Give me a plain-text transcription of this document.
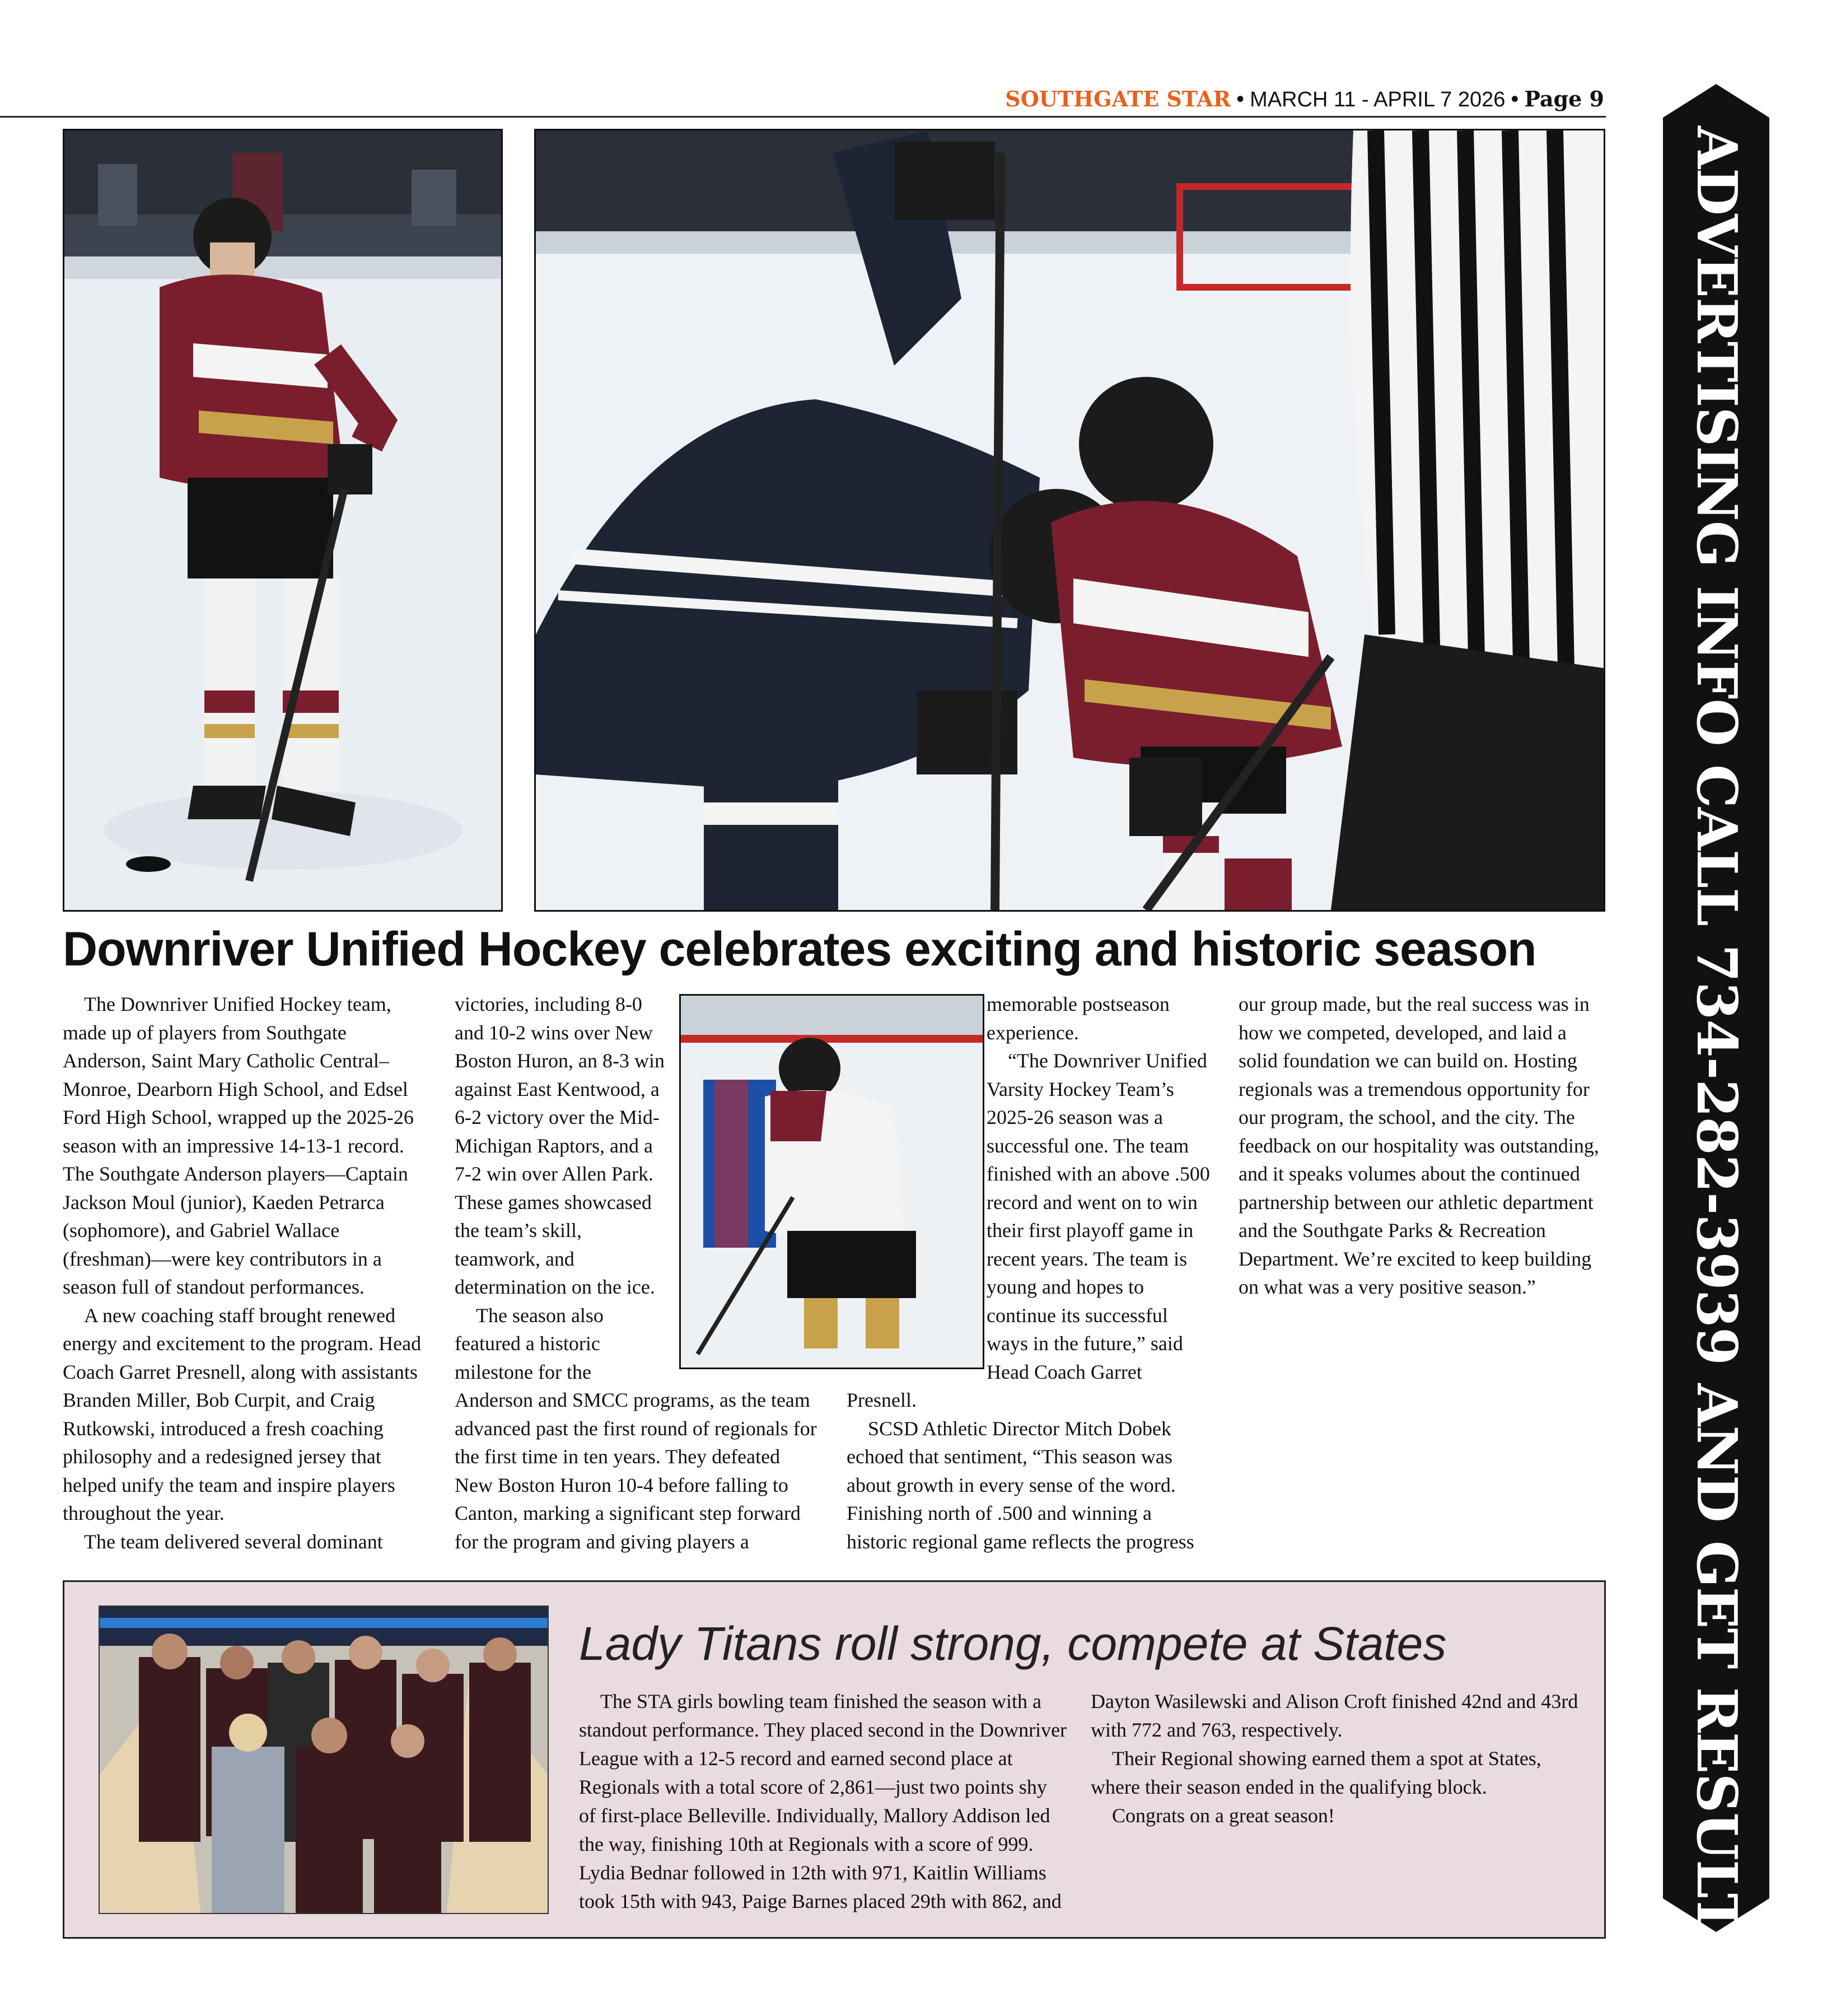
SOUTHGATE STAR • MARCH 11 - APRIL 7 2026 • Page 9
Downriver Unified Hockey celebrates exciting and historic season

The Downriver Unified Hockey team, made up of players from Southgate Anderson, Saint Mary Catholic Central–Monroe, Dearborn High School, and Edsel Ford High School, wrapped up the 2025-26 season with an impressive 14-13-1 record. The Southgate Anderson players—Captain Jackson Moul (junior), Kaeden Petrarca (sophomore), and Gabriel Wallace (freshman)—were key contributors in a season full of standout performances.

A new coaching staff brought renewed energy and excitement to the program. Head Coach Garret Presnell, along with assistants Branden Miller, Bob Curpit, and Craig Rutkowski, introduced a fresh coaching philosophy and a redesigned jersey that helped unify the team and inspire players throughout the year.

The team delivered several dominant	ADVERTISING INFO CALL 734-282-3939 AND GET RESULTS
Lady Titans roll strong, compete at States

The STA girls bowling team finished the season with a standout performance. They placed second in the Downriver League with a 12-5 record and earned second place at Regionals with a total score of 2,861—just two points shy of first-place Belleville. Individually, Mallory Addison led the way, finishing 10th at Regionals with a score of 999. Lydia Bednar followed in 12th with 971, Kaitlin Williams took 15th with 943, Paige Barnes placed 29th with 862, and

Dayton Wasilewski and Alison Croft finished 42nd and 43rd with 772 and 763, respectively.

Their Regional showing earned them a spot at States, where their season ended in the qualifying block.

Congrats on a great season!

victories, including 8-0 and 10-2 wins over New Boston Huron, an 8-3 win against East Kentwood, a 6-2 victory over the Mid-Michigan Raptors, and a 7-2 win over Allen Park. These games showcased the team’s skill, teamwork, and determination on the ice.

The season also featured a historic milestone for the Anderson and SMCC programs, as the team advanced past the first round of regionals for the first time in ten years. They defeated New Boston Huron 10-4 before falling to Canton, marking a significant step forward for the program and giving players a

memorable postseason experience.

“The Downriver Unified Varsity Hockey Team’s 2025-26 season was a successful one. The team finished with an above .500 record and went on to win their first playoff game in recent years. The team is young and hopes to continue its successful ways in the future,” said Head Coach Garret Presnell.

SCSD Athletic Director Mitch Dobek echoed that sentiment, “This season was about growth in every sense of the word. Finishing north of .500 and winning a historic regional game reflects the progress

our group made, but the real success was in how we competed, developed, and laid a solid foundation we can build on. Hosting regionals was a tremendous opportunity for our program, the school, and the city. The feedback on our hospitality was outstanding, and it speaks volumes about the continued partnership between our athletic department and the Southgate Parks & Recreation Department. We’re excited to keep building on what was a very positive season.”
